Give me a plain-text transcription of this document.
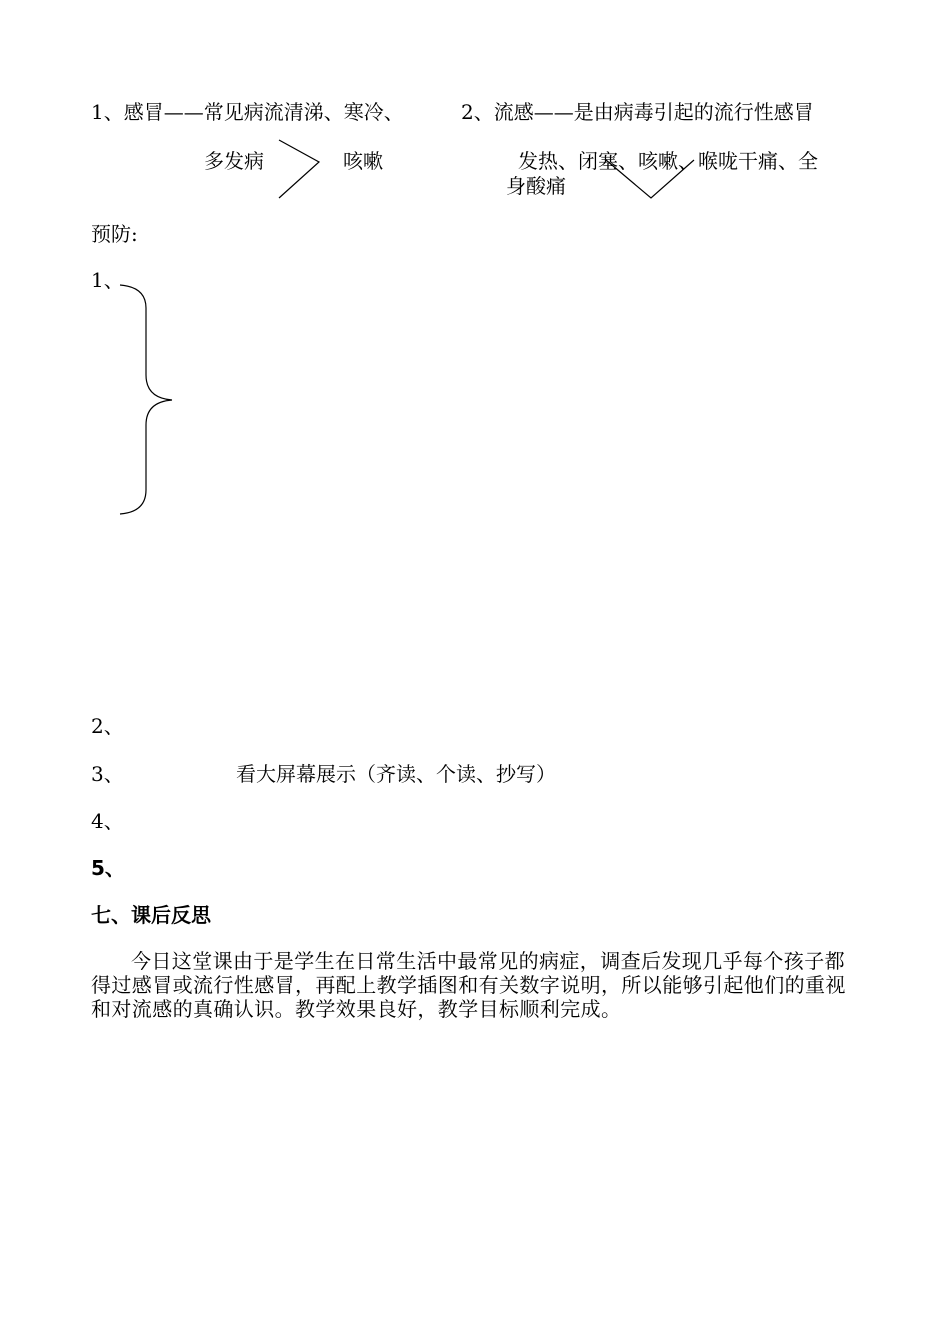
1、感冒——常见病流清涕、寒冷、	2、流感——是由病毒引起的流行性感冒
多发病	咳嗽	发热、闭塞、咳嗽、喉咙干痛、全
身酸痛
预防:
1、
2、
3、	看大屏幕展示（齐读、个读、抄写）
4、
5、
七、课后反思
今日这堂课由于是学生在日常生活中最常见的病症，调查后发现几乎每个孩子都得过感冒或流行性感冒，再配上教学插图和有关数字说明，所以能够引起他们的重视和对流感的真确认识。教学效果良好，教学目标顺利完成。
